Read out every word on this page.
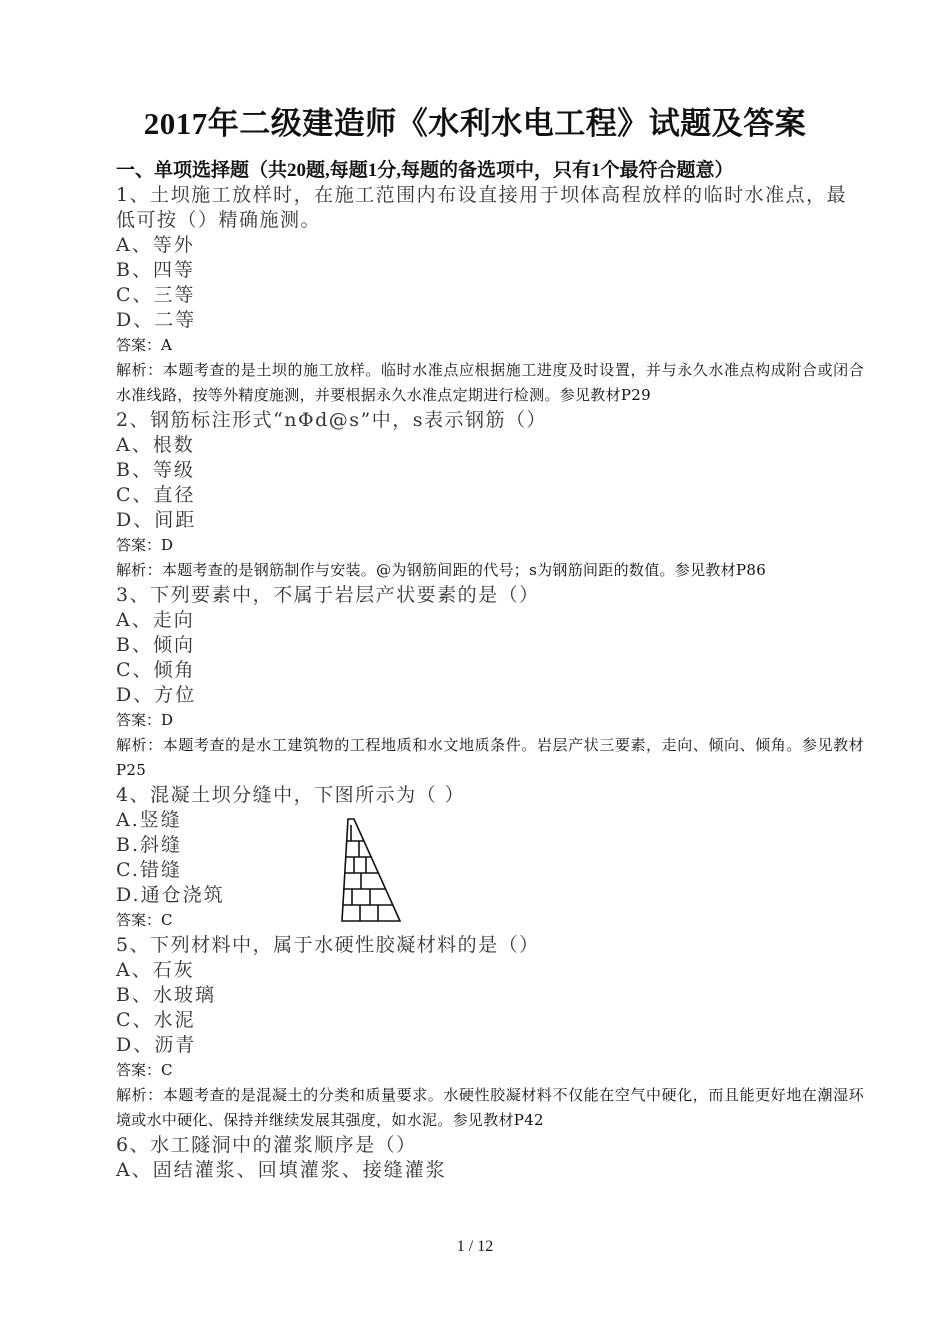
2017年二级建造师《水利水电工程》试题及答案
一、单项选择题（共20题,每题1分,每题的备选项中，只有1个最符合题意）
1、土坝施工放样时，在施工范围内布设直接用于坝体高程放样的临时水准点，最低可按（）精确施测。
A、等外
B、四等
C、三等
D、二等
答案：A
解析：本题考查的是土坝的施工放样。临时水准点应根据施工进度及时设置，并与永久水准点构成附合或闭合水准线路，按等外精度施测，并要根据永久水准点定期进行检测。参见教材P29
2、钢筋标注形式“nΦd@s”中，s表示钢筋（）
A、根数
B、等级
C、直径
D、间距
答案：D
解析：本题考查的是钢筋制作与安装。@为钢筋间距的代号；s为钢筋间距的数值。参见教材P86
3、下列要素中，不属于岩层产状要素的是（）
A、走向
B、倾向
C、倾角
D、方位
答案：D
解析：本题考查的是水工建筑物的工程地质和水文地质条件。岩层产状三要素，走向、倾向、倾角。参见教材P25
4、混凝土坝分缝中，下图所示为（ ）
A.竖缝
B.斜缝
C.错缝
D.通仓浇筑
答案：C
5、下列材料中，属于水硬性胶凝材料的是（）
A、石灰
B、水玻璃
C、水泥
D、沥青
答案：C
解析：本题考查的是混凝土的分类和质量要求。水硬性胶凝材料不仅能在空气中硬化，而且能更好地在潮湿环境或水中硬化、保持并继续发展其强度，如水泥。参见教材P42
6、水工隧洞中的灌浆顺序是（）
A、固结灌浆、回填灌浆、接缝灌浆
1 / 12
